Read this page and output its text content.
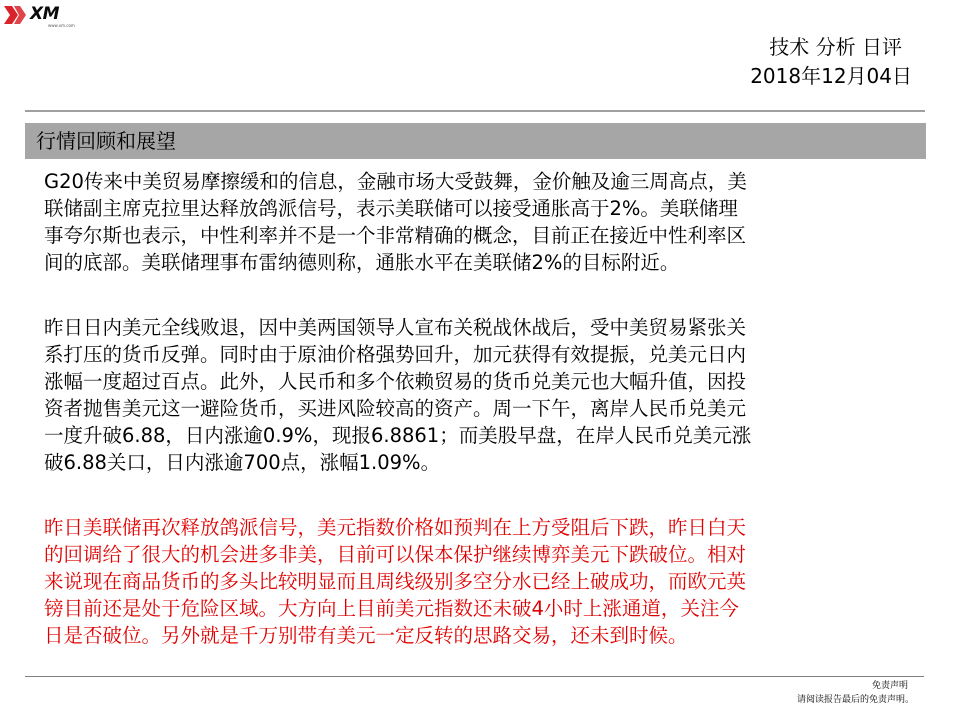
XM
www.xm.com
技术 分析 日评
2018年12月04日
行情回顾和展望
G20传来中美贸易摩擦缓和的信息，金融市场大受鼓舞，金价触及逾三周高点，美
联储副主席克拉里达释放鸽派信号，表示美联储可以接受通胀高于2%。美联储理
事夸尔斯也表示，中性利率并不是一个非常精确的概念，目前正在接近中性利率区
间的底部。美联储理事布雷纳德则称，通胀水平在美联储2%的目标附近。
昨日日内美元全线败退，因中美两国领导人宣布关税战休战后，受中美贸易紧张关
系打压的货币反弹。同时由于原油价格强势回升，加元获得有效提振，兑美元日内
涨幅一度超过百点。此外，人民币和多个依赖贸易的货币兑美元也大幅升值，因投
资者抛售美元这一避险货币，买进风险较高的资产。周一下午，离岸人民币兑美元
一度升破6.88，日内涨逾0.9%，现报6.8861；而美股早盘，在岸人民币兑美元涨
破6.88关口，日内涨逾700点，涨幅1.09%。
昨日美联储再次释放鸽派信号，美元指数价格如预判在上方受阻后下跌，昨日白天
的回调给了很大的机会进多非美，目前可以保本保护继续博弈美元下跌破位。相对
来说现在商品货币的多头比较明显而且周线级别多空分水已经上破成功，而欧元英
镑目前还是处于危险区域。大方向上目前美元指数还未破4小时上涨通道，关注今
日是否破位。另外就是千万别带有美元一定反转的思路交易，还未到时候。
免责声明
请阅读报告最后的免责声明。
